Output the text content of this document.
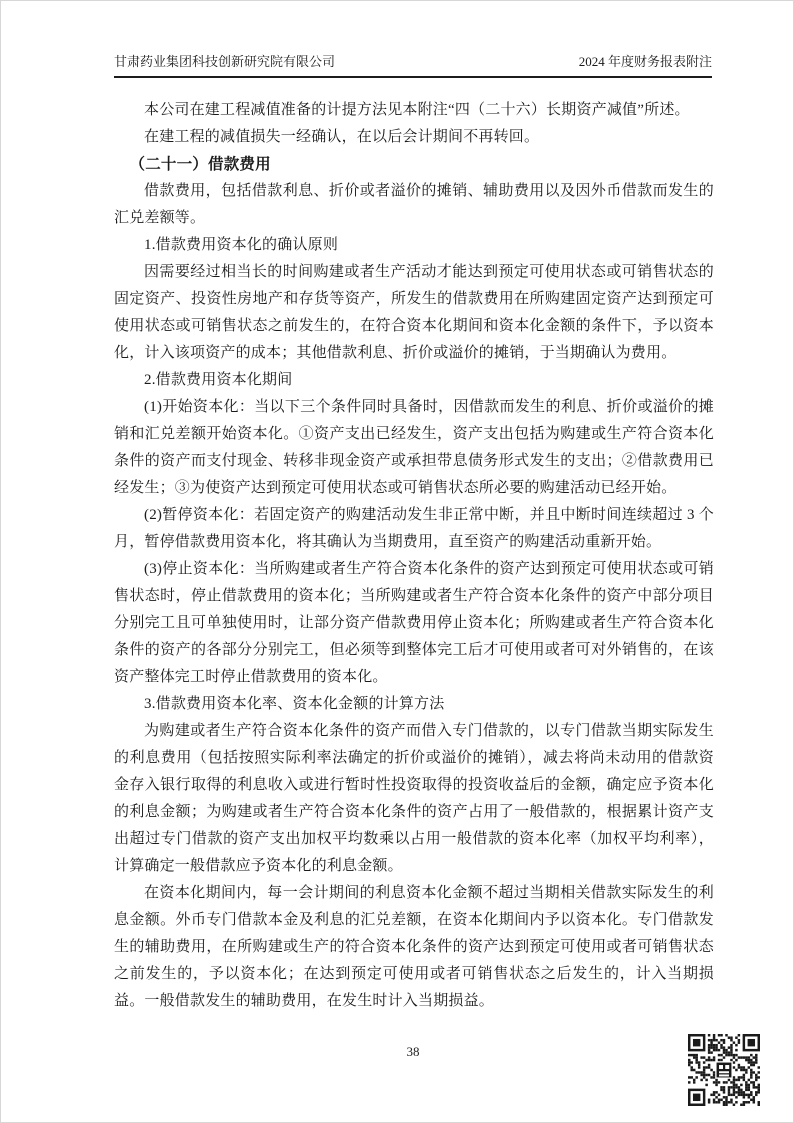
甘肃药业集团科技创新研究院有限公司	2024 年度财务报表附注

本公司在建工程减值准备的计提方法见本附注“四（二十六）长期资产减值”所述。

在建工程的减值损失一经确认，在以后会计期间不再转回。

（二十一）借款费用

借款费用，包括借款利息、折价或者溢价的摊销、辅助费用以及因外币借款而发生的汇兑差额等。

1.借款费用资本化的确认原则

因需要经过相当长的时间购建或者生产活动才能达到预定可使用状态或可销售状态的固定资产、投资性房地产和存货等资产，所发生的借款费用在所购建固定资产达到预定可使用状态或可销售状态之前发生的，在符合资本化期间和资本化金额的条件下，予以资本化，计入该项资产的成本；其他借款利息、折价或溢价的摊销，于当期确认为费用。

2.借款费用资本化期间

(1)开始资本化：当以下三个条件同时具备时，因借款而发生的利息、折价或溢价的摊销和汇兑差额开始资本化。①资产支出已经发生，资产支出包括为购建或生产符合资本化条件的资产而支付现金、转移非现金资产或承担带息债务形式发生的支出；②借款费用已经发生；③为使资产达到预定可使用状态或可销售状态所必要的购建活动已经开始。

(2)暂停资本化：若固定资产的购建活动发生非正常中断，并且中断时间连续超过 3 个月，暂停借款费用资本化，将其确认为当期费用，直至资产的购建活动重新开始。

(3)停止资本化：当所购建或者生产符合资本化条件的资产达到预定可使用状态或可销售状态时，停止借款费用的资本化；当所购建或者生产符合资本化条件的资产中部分项目分别完工且可单独使用时，让部分资产借款费用停止资本化；所购建或者生产符合资本化条件的资产的各部分分别完工，但必须等到整体完工后才可使用或者可对外销售的，在该资产整体完工时停止借款费用的资本化。

3.借款费用资本化率、资本化金额的计算方法

为购建或者生产符合资本化条件的资产而借入专门借款的，以专门借款当期实际发生的利息费用（包括按照实际利率法确定的折价或溢价的摊销），减去将尚未动用的借款资金存入银行取得的利息收入或进行暂时性投资取得的投资收益后的金额，确定应予资本化的利息金额；为购建或者生产符合资本化条件的资产占用了一般借款的，根据累计资产支出超过专门借款的资产支出加权平均数乘以占用一般借款的资本化率（加权平均利率），计算确定一般借款应予资本化的利息金额。

在资本化期间内，每一会计期间的利息资本化金额不超过当期相关借款实际发生的利息金额。外币专门借款本金及利息的汇兑差额，在资本化期间内予以资本化。专门借款发生的辅助费用，在所购建或生产的符合资本化条件的资产达到预定可使用或者可销售状态之前发生的，予以资本化；在达到预定可使用或者可销售状态之后发生的，计入当期损益。一般借款发生的辅助费用，在发生时计入当期损益。

38
